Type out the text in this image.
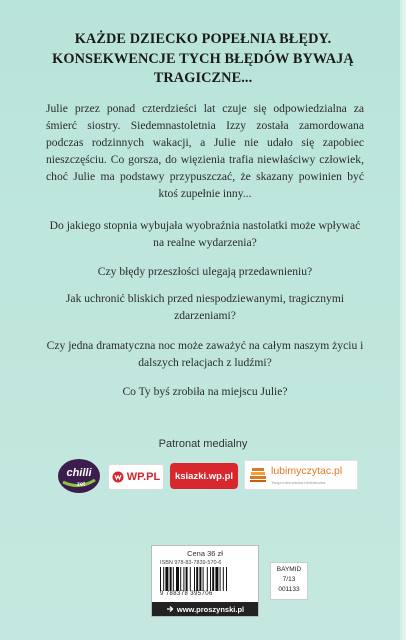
KAŻDE DZIECKO POPEŁNIA BŁĘDY.
KONSEKWENCJE TYCH BŁĘDÓW BYWAJĄ
TRAGICZNE...
Julie przez ponad czterdzieści lat czuje się odpowiedzialna za śmierć siostry. Siedemnastoletnia Izzy została zamordowana podczas rodzinnych wakacji, a Julie nie udało się zapobiec nieszczęściu. Co gorsza, do więzienia trafia niewłaściwy człowiek, choć Julie ma podstawy przypuszczać, że skazany powinien być ktoś zupełnie inny...
Do jakiego stopnia wybujała wyobraźnia nastolatki może wpływać na realne wydarzenia?
Czy błędy przeszłości ulegają przedawnieniu?
Jak uchronić bliskich przed niespodziewanymi, tragicznymi zdarzeniami?
Czy jedna dramatyczna noc może zaważyć na całym naszym życiu i dalszych relacjach z ludźmi?
Co Ty byś zrobiła na miejscu Julie?
Patronat medialny
chilli
zet
WP.PL	ksiazki.wp.pl	lubimyczytac.pl
Twoja internetowa biblioteczka
Cena 36 zł
ISBN 978-83-7839-570-6
9 788378 395706
www.proszynski.pl
BAYMID
7/13
001133
